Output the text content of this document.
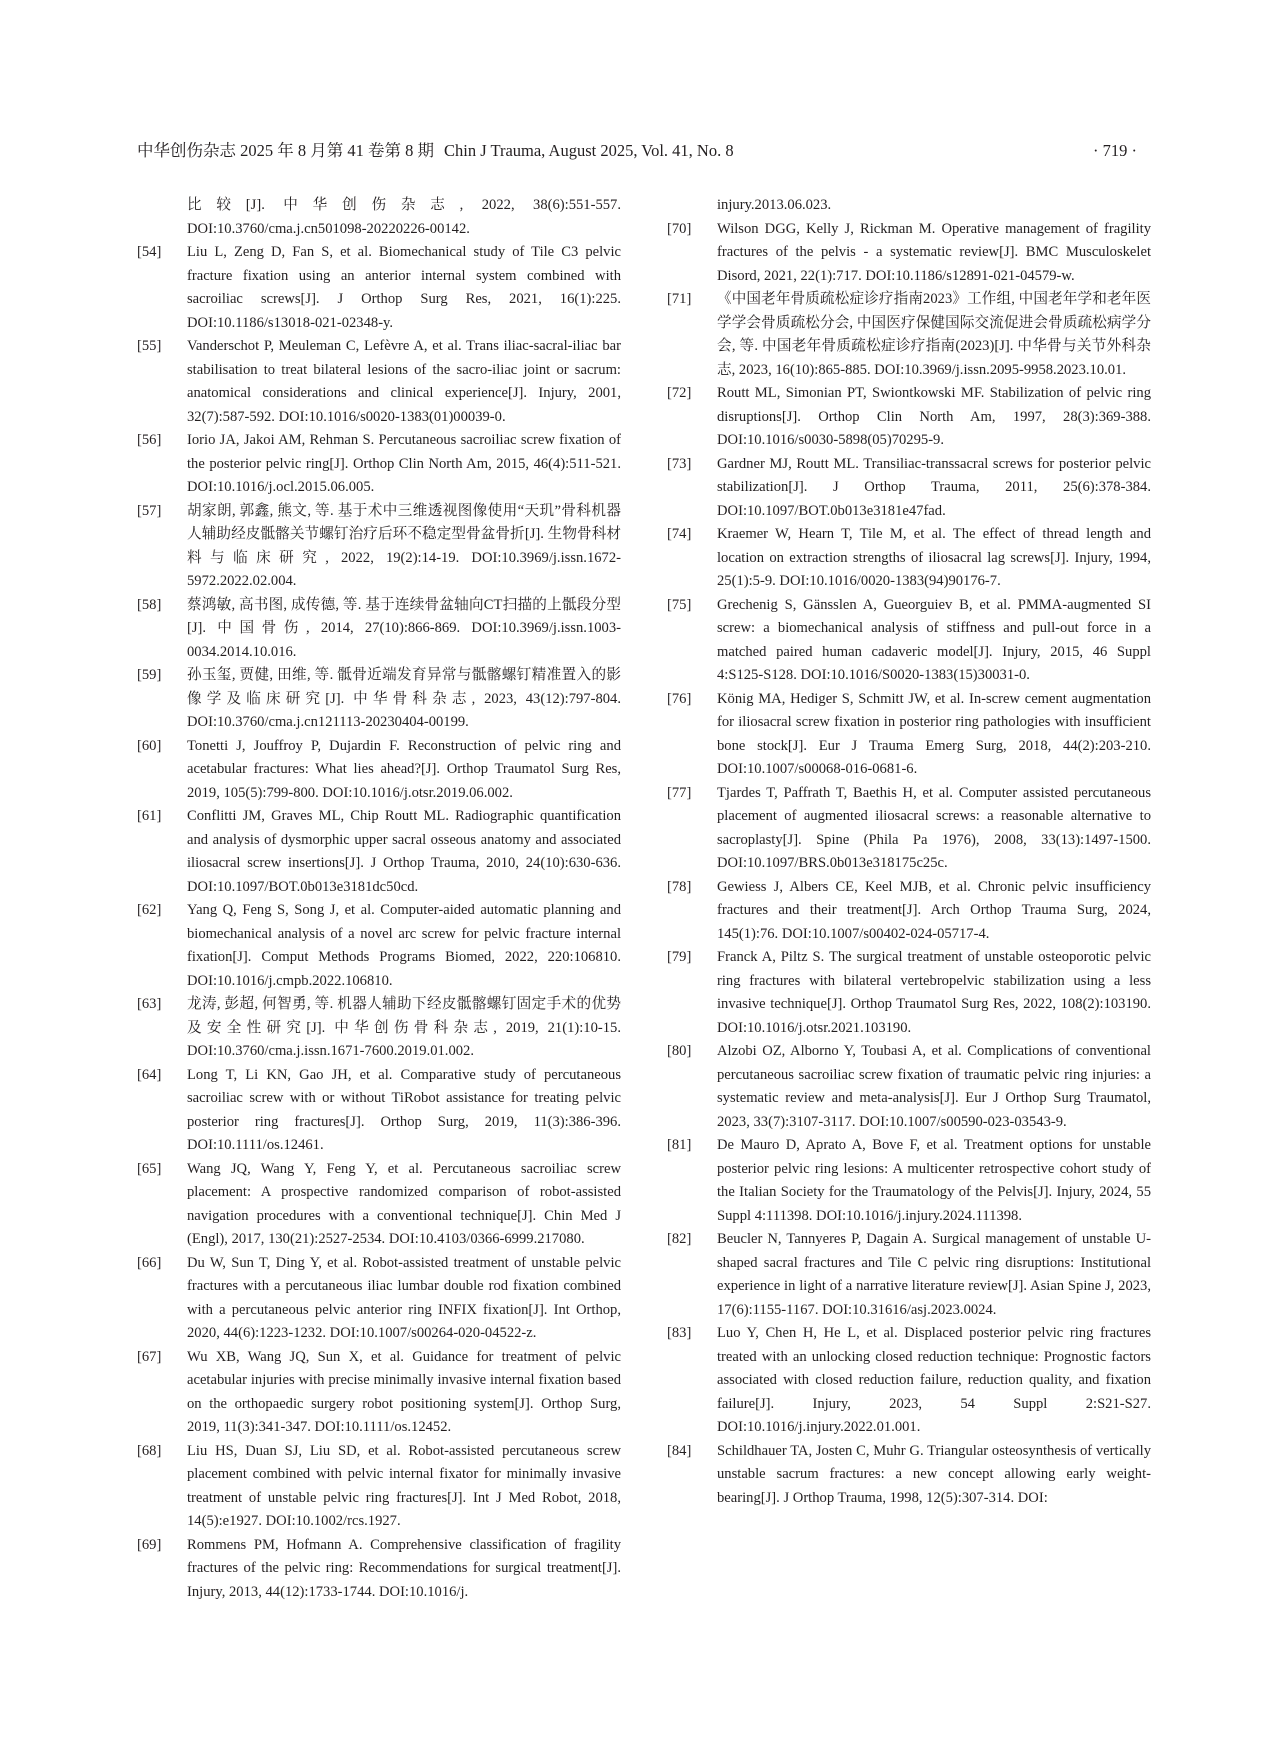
中华创伤杂志 2025 年 8 月第 41 卷第 8 期 Chin J Trauma, August 2025, Vol. 41, No. 8	· 719 ·
比较[J]. 中华创伤杂志, 2022, 38(6):551-557. DOI:10.3760/cma.j.cn501098-20220226-00142.
[54] Liu L, Zeng D, Fan S, et al. Biomechanical study of Tile C3 pelvic fracture fixation using an anterior internal system combined with sacroiliac screws[J]. J Orthop Surg Res, 2021, 16(1):225. DOI:10.1186/s13018-021-02348-y.
[55] Vanderschot P, Meuleman C, Lefèvre A, et al. Trans iliac-sacral-iliac bar stabilisation to treat bilateral lesions of the sacro-iliac joint or sacrum: anatomical considerations and clinical experience[J]. Injury, 2001, 32(7):587-592. DOI:10.1016/s0020-1383(01)00039-0.
[56] Iorio JA, Jakoi AM, Rehman S. Percutaneous sacroiliac screw fixation of the posterior pelvic ring[J]. Orthop Clin North Am, 2015, 46(4):511-521. DOI:10.1016/j.ocl.2015.06.005.
[57] 胡家朗, 郭鑫, 熊文, 等. 基于术中三维透视图像使用“天玑”骨科机器人辅助经皮骶髂关节螺钉治疗后环不稳定型骨盆骨折[J]. 生物骨科材料与临床研究, 2022, 19(2):14-19. DOI:10.3969/j.issn.1672-5972.2022.02.004.
[58] 蔡鸿敏, 高书图, 成传德, 等. 基于连续骨盆轴向CT扫描的上骶段分型[J]. 中国骨伤, 2014, 27(10):866-869. DOI:10.3969/j.issn.1003-0034.2014.10.016.
[59] 孙玉玺, 贾健, 田维, 等. 骶骨近端发育异常与骶髂螺钉精准置入的影像学及临床研究[J]. 中华骨科杂志, 2023, 43(12):797-804. DOI:10.3760/cma.j.cn121113-20230404-00199.
[60] Tonetti J, Jouffroy P, Dujardin F. Reconstruction of pelvic ring and acetabular fractures: What lies ahead?[J]. Orthop Traumatol Surg Res, 2019, 105(5):799-800. DOI:10.1016/j.otsr.2019.06.002.
[61] Conflitti JM, Graves ML, Chip Routt ML. Radiographic quantification and analysis of dysmorphic upper sacral osseous anatomy and associated iliosacral screw insertions[J]. J Orthop Trauma, 2010, 24(10):630-636. DOI:10.1097/BOT.0b013e3181dc50cd.
[62] Yang Q, Feng S, Song J, et al. Computer-aided automatic planning and biomechanical analysis of a novel arc screw for pelvic fracture internal fixation[J]. Comput Methods Programs Biomed, 2022, 220:106810. DOI:10.1016/j.cmpb.2022.106810.
[63] 龙涛, 彭超, 何智勇, 等. 机器人辅助下经皮骶髂螺钉固定手术的优势及安全性研究[J]. 中华创伤骨科杂志, 2019, 21(1):10-15. DOI:10.3760/cma.j.issn.1671-7600.2019.01.002.
[64] Long T, Li KN, Gao JH, et al. Comparative study of percutaneous sacroiliac screw with or without TiRobot assistance for treating pelvic posterior ring fractures[J]. Orthop Surg, 2019, 11(3):386-396. DOI:10.1111/os.12461.
[65] Wang JQ, Wang Y, Feng Y, et al. Percutaneous sacroiliac screw placement: A prospective randomized comparison of robot-assisted navigation procedures with a conventional technique[J]. Chin Med J (Engl), 2017, 130(21):2527-2534. DOI:10.4103/0366-6999.217080.
[66] Du W, Sun T, Ding Y, et al. Robot-assisted treatment of unstable pelvic fractures with a percutaneous iliac lumbar double rod fixation combined with a percutaneous pelvic anterior ring INFIX fixation[J]. Int Orthop, 2020, 44(6):1223-1232. DOI:10.1007/s00264-020-04522-z.
[67] Wu XB, Wang JQ, Sun X, et al. Guidance for treatment of pelvic acetabular injuries with precise minimally invasive internal fixation based on the orthopaedic surgery robot positioning system[J]. Orthop Surg, 2019, 11(3):341-347. DOI:10.1111/os.12452.
[68] Liu HS, Duan SJ, Liu SD, et al. Robot-assisted percutaneous screw placement combined with pelvic internal fixator for minimally invasive treatment of unstable pelvic ring fractures[J]. Int J Med Robot, 2018, 14(5):e1927. DOI:10.1002/rcs.1927.
[69] Rommens PM, Hofmann A. Comprehensive classification of fragility fractures of the pelvic ring: Recommendations for surgical treatment[J]. Injury, 2013, 44(12):1733-1744. DOI:10.1016/j.
injury.2013.06.023.
[70] Wilson DGG, Kelly J, Rickman M. Operative management of fragility fractures of the pelvis - a systematic review[J]. BMC Musculoskelet Disord, 2021, 22(1):717. DOI:10.1186/s12891-021-04579-w.
[71] 《中国老年骨质疏松症诊疗指南2023》工作组, 中国老年学和老年医学学会骨质疏松分会, 中国医疗保健国际交流促进会骨质疏松病学分会, 等. 中国老年骨质疏松症诊疗指南(2023)[J]. 中华骨与关节外科杂志, 2023, 16(10):865-885. DOI:10.3969/j.issn.2095-9958.2023.10.01.
[72] Routt ML, Simonian PT, Swiontkowski MF. Stabilization of pelvic ring disruptions[J]. Orthop Clin North Am, 1997, 28(3):369-388. DOI:10.1016/s0030-5898(05)70295-9.
[73] Gardner MJ, Routt ML. Transiliac-transsacral screws for posterior pelvic stabilization[J]. J Orthop Trauma, 2011, 25(6):378-384. DOI:10.1097/BOT.0b013e3181e47fad.
[74] Kraemer W, Hearn T, Tile M, et al. The effect of thread length and location on extraction strengths of iliosacral lag screws[J]. Injury, 1994, 25(1):5-9. DOI:10.1016/0020-1383(94)90176-7.
[75] Grechenig S, Gänsslen A, Gueorguiev B, et al. PMMA-augmented SI screw: a biomechanical analysis of stiffness and pull-out force in a matched paired human cadaveric model[J]. Injury, 2015, 46 Suppl 4:S125-S128. DOI:10.1016/S0020-1383(15)30031-0.
[76] König MA, Hediger S, Schmitt JW, et al. In-screw cement augmentation for iliosacral screw fixation in posterior ring pathologies with insufficient bone stock[J]. Eur J Trauma Emerg Surg, 2018, 44(2):203-210. DOI:10.1007/s00068-016-0681-6.
[77] Tjardes T, Paffrath T, Baethis H, et al. Computer assisted percutaneous placement of augmented iliosacral screws: a reasonable alternative to sacroplasty[J]. Spine (Phila Pa 1976), 2008, 33(13):1497-1500. DOI:10.1097/BRS.0b013e318175c25c.
[78] Gewiess J, Albers CE, Keel MJB, et al. Chronic pelvic insufficiency fractures and their treatment[J]. Arch Orthop Trauma Surg, 2024, 145(1):76. DOI:10.1007/s00402-024-05717-4.
[79] Franck A, Piltz S. The surgical treatment of unstable osteoporotic pelvic ring fractures with bilateral vertebropelvic stabilization using a less invasive technique[J]. Orthop Traumatol Surg Res, 2022, 108(2):103190. DOI:10.1016/j.otsr.2021.103190.
[80] Alzobi OZ, Alborno Y, Toubasi A, et al. Complications of conventional percutaneous sacroiliac screw fixation of traumatic pelvic ring injuries: a systematic review and meta-analysis[J]. Eur J Orthop Surg Traumatol, 2023, 33(7):3107-3117. DOI:10.1007/s00590-023-03543-9.
[81] De Mauro D, Aprato A, Bove F, et al. Treatment options for unstable posterior pelvic ring lesions: A multicenter retrospective cohort study of the Italian Society for the Traumatology of the Pelvis[J]. Injury, 2024, 55 Suppl 4:111398. DOI:10.1016/j.injury.2024.111398.
[82] Beucler N, Tannyeres P, Dagain A. Surgical management of unstable U-shaped sacral fractures and Tile C pelvic ring disruptions: Institutional experience in light of a narrative literature review[J]. Asian Spine J, 2023, 17(6):1155-1167. DOI:10.31616/asj.2023.0024.
[83] Luo Y, Chen H, He L, et al. Displaced posterior pelvic ring fractures treated with an unlocking closed reduction technique: Prognostic factors associated with closed reduction failure, reduction quality, and fixation failure[J]. Injury, 2023, 54 Suppl 2:S21-S27. DOI:10.1016/j.injury.2022.01.001.
[84] Schildhauer TA, Josten C, Muhr G. Triangular osteosynthesis of vertically unstable sacrum fractures: a new concept allowing early weight-bearing[J]. J Orthop Trauma, 1998, 12(5):307-314. DOI:
